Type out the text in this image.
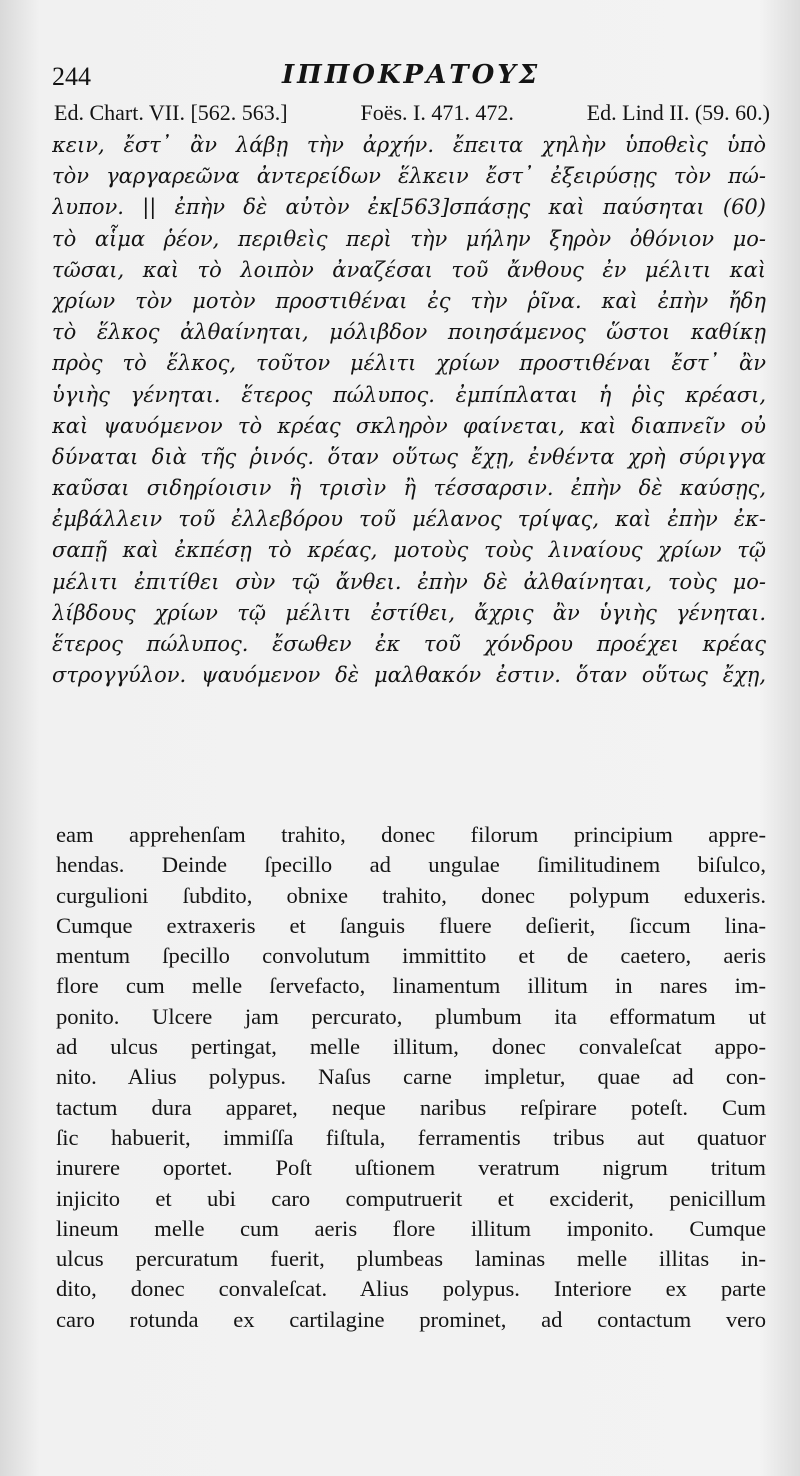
244	ΙΠΠΟΚΡΑΤΟΥΣ
Ed. Chart. VII. [562. 563.]	Foës. I. 471. 472.	Ed. Lind II. (59. 60.)
κειν, ἔστ᾽ ἂν λάβῃ τὴν ἀρχήν. ἔπειτα χηλὴν ὑποθεὶς ὑπὸ
τὸν γαργαρεῶνα ἀντερείδων ἕλκειν ἔστ᾽ ἐξειρύσῃς τὸν πώ-
λυπον. || ἐπὴν δὲ αὐτὸν ἐκ[563]σπάσῃς καὶ παύσηται (60)
τὸ αἷμα ῥέον, περιθεὶς περὶ τὴν μήλην ξηρὸν ὀθόνιον μο-
τῶσαι, καὶ τὸ λοιπὸν ἀναζέσαι τοῦ ἄνθους ἐν μέλιτι καὶ
χρίων τὸν μοτὸν προστιθέναι ἐς τὴν ῥῖνα. καὶ ἐπὴν ἤδη
τὸ ἕλκος ἀλθαίνηται, μόλιβδον ποιησάμενος ὥστοι καθίκῃ
πρὸς τὸ ἕλκος, τοῦτον μέλιτι χρίων προστιθέναι ἔστ᾽ ἂν
ὑγιὴς γένηται. ἕτερος πώλυπος. ἐμπίπλαται ἡ ῥὶς κρέασι,
καὶ ψαυόμενον τὸ κρέας σκληρὸν φαίνεται, καὶ διαπνεῖν οὐ
δύναται διὰ τῆς ῥινός. ὅταν οὕτως ἔχῃ, ἐνθέντα χρὴ σύριγγα
καῦσαι σιδηρίοισιν ἢ τρισὶν ἢ τέσσαρσιν. ἐπὴν δὲ καύσῃς,
ἐμβάλλειν τοῦ ἐλλεβόρου τοῦ μέλανος τρίψας, καὶ ἐπὴν ἐκ-
σαπῇ καὶ ἐκπέσῃ τὸ κρέας, μοτοὺς τοὺς λιναίους χρίων τῷ
μέλιτι ἐπιτίθει σὺν τῷ ἄνθει. ἐπὴν δὲ ἀλθαίνηται, τοὺς μο-
λίβδους χρίων τῷ μέλιτι ἐστίθει, ἄχρις ἂν ὑγιὴς γένηται.
ἕτερος πώλυπος. ἔσωθεν ἐκ τοῦ χόνδρου προέχει κρέας
στρογγύλον. ψαυόμενον δὲ μαλθακόν ἐστιν. ὅταν οὕτως ἔχῃ,
eam apprehenſam trahito, donec filorum principium appre-
hendas. Deinde ſpecillo ad ungulae ſimilitudinem biſulco,
curgulioni ſubdito, obnixe trahito, donec polypum eduxeris.
Cumque extraxeris et ſanguis fluere deſierit, ſiccum lina-
mentum ſpecillo convolutum immittito et de caetero, aeris
flore cum melle ſervefacto, linamentum illitum in nares im-
ponito. Ulcere jam percurato, plumbum ita efformatum ut
ad ulcus pertingat, melle illitum, donec convaleſcat appo-
nito. Alius polypus. Naſus carne impletur, quae ad con-
tactum dura apparet, neque naribus reſpirare poteſt. Cum
ſic habuerit, immiſſa fiſtula, ferramentis tribus aut quatuor
inurere oportet. Poſt uſtionem veratrum nigrum tritum
injicito et ubi caro computruerit et exciderit, penicillum
lineum melle cum aeris flore illitum imponito. Cumque
ulcus percuratum fuerit, plumbeas laminas melle illitas in-
dito, donec convaleſcat. Alius polypus. Interiore ex parte
caro rotunda ex cartilagine prominet, ad contactum vero
